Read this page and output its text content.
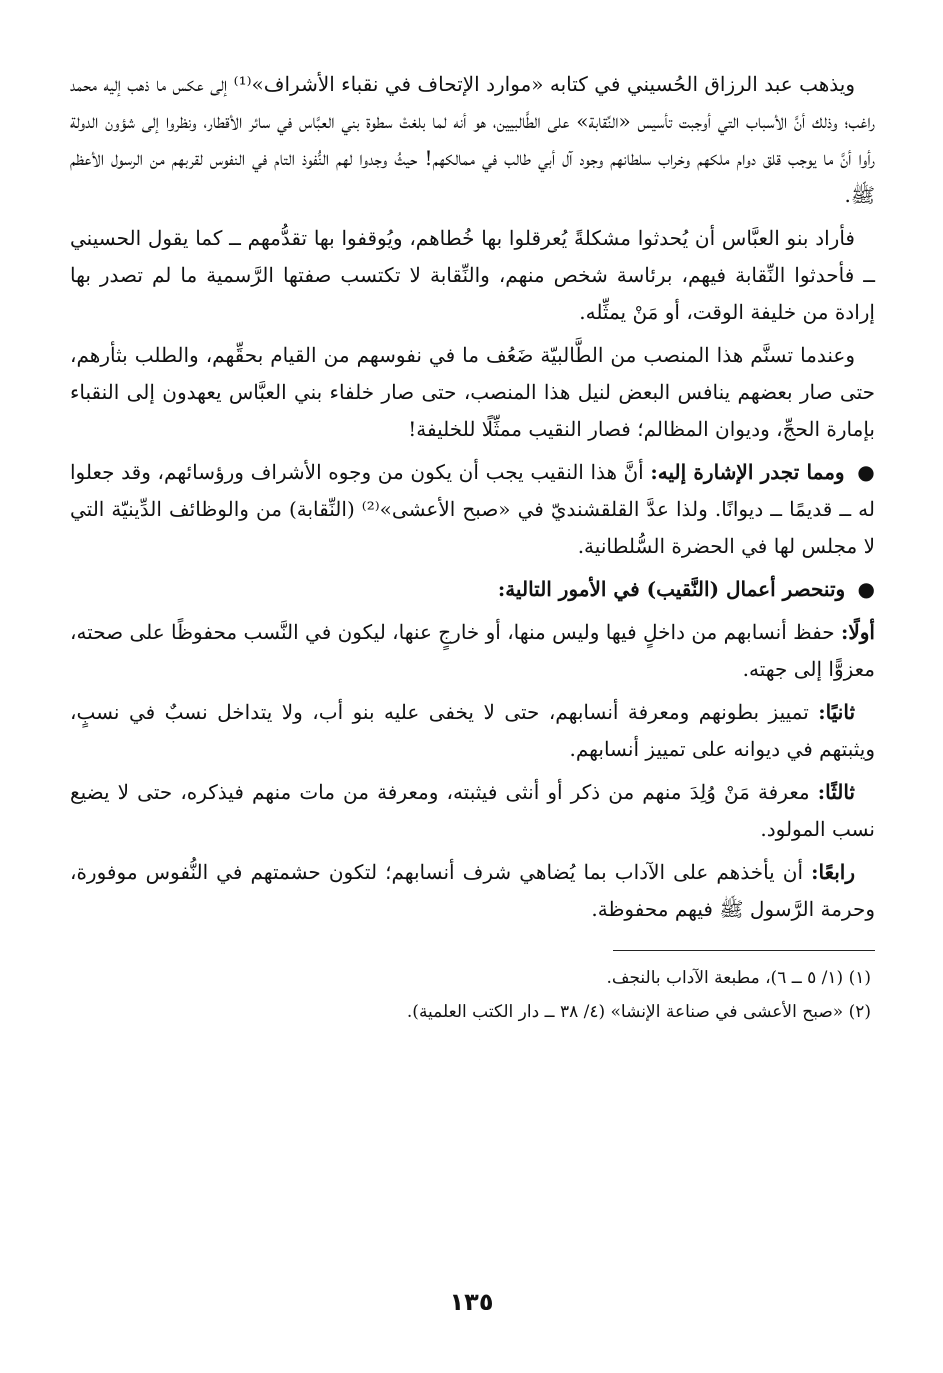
ويذهب عبد الرزاق الحُسيني في كتابه «موارد الإتحاف في نقباء الأشراف»⁽¹⁾ إلى عكس ما ذهب إليه محمد راغب؛ وذلك أنَّ الأسباب التي أوجبت تأسيس «النِّقابة» على الطَّالبيين، هو أنه لما بلغتْ سطوة بني العبَّاس في سائر الأقطار، ونظروا إلى شؤون الدولة رأوا أنَّ ما يوجب قلق دوام ملكهم وخراب سلطانهم وجود آل أبي طالب في ممالكهم! حيثُ وجدوا لهم النُّفوذ التام في النفوس لقربهم من الرسول الأعظم ﷺ.

فأراد بنو العبَّاس أن يُحدثوا مشكلةً يُعرقلوا بها خُطاهم، ويُوقفوا بها تقدُّمهم ــ كما يقول الحسيني ــ فأحدثوا النِّقابة فيهم، برئاسة شخص منهم، والنِّقابة لا تكتسب صفتها الرَّسمية ما لم تصدر بها إرادة من خليفة الوقت، أو مَنْ يمثِّله.

وعندما تسنَّم هذا المنصب من الطَّالبيّة ضَعُف ما في نفوسهم من القيام بحقِّهم، والطلب بثأرهم، حتى صار بعضهم ينافس البعض لنيل هذا المنصب، حتى صار خلفاء بني العبَّاس يعهدون إلى النقباء بإمارة الحجِّ، وديوان المظالم؛ فصار النقيب ممثِّلًا للخليفة!

● ومما تجدر الإشارة إليه: أنَّ هذا النقيب يجب أن يكون من وجوه الأشراف ورؤسائهم، وقد جعلوا له ــ قديمًا ــ ديوانًا. ولذا عدَّ القلقشنديّ في «صبح الأعشى»⁽²⁾ (النِّقابة) من والوظائف الدِّينيّة التي لا مجلس لها في الحضرة السُّلطانية.

● وتنحصر أعمال (النَّقيب) في الأمور التالية:

أولًا: حفظ أنسابهم من داخلٍ فيها وليس منها، أو خارجٍ عنها، ليكون في النَّسب محفوظًا على صحته، معزوًّا إلى جهته.

ثانيًا: تمييز بطونهم ومعرفة أنسابهم، حتى لا يخفى عليه بنو أب، ولا يتداخل نسبٌ في نسبٍ، ويثبتهم في ديوانه على تمييز أنسابهم.

ثالثًا: معرفة مَنْ وُلِدَ منهم من ذكر أو أنثى فيثبته، ومعرفة من مات منهم فيذكره، حتى لا يضيع نسب المولود.

رابعًا: أن يأخذهم على الآداب بما يُضاهي شرف أنسابهم؛ لتكون حشمتهم في النُّفوس موفورة، وحرمة الرَّسول ﷺ فيهم محفوظة.

(١) (١/ ٥ ــ ٦)، مطبعة الآداب بالنجف.

(٢) «صبح الأعشى في صناعة الإنشا» (٤/ ٣٨ ــ دار الكتب العلمية).

١٣٥
